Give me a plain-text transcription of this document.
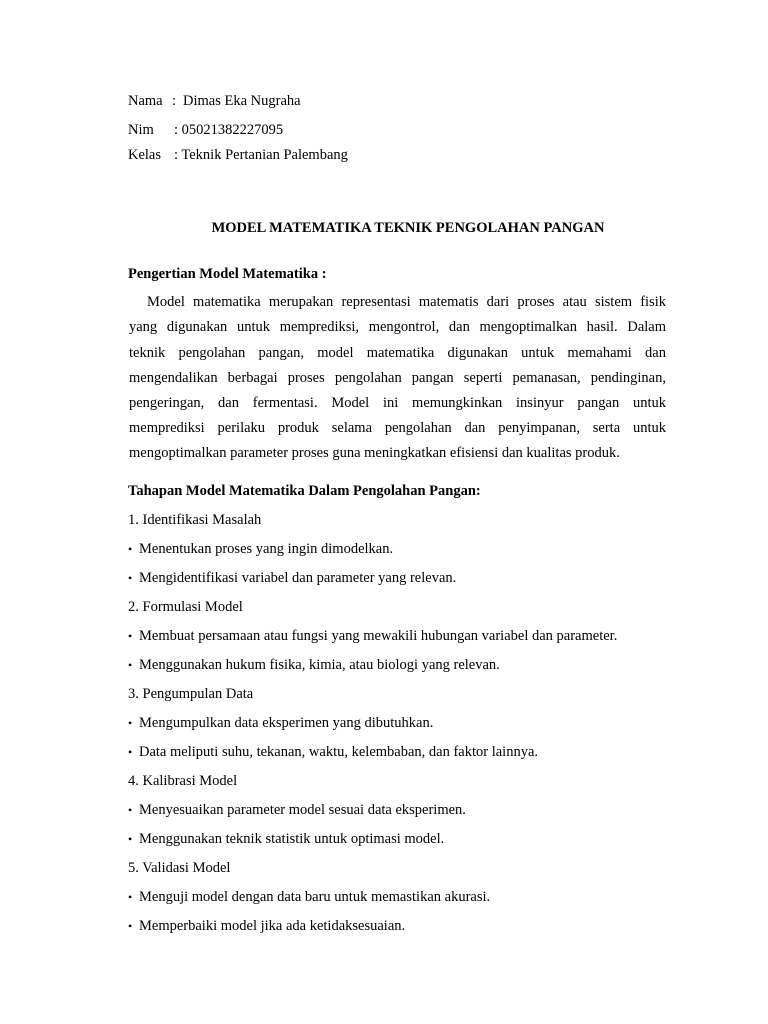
Nama : Dimas Eka Nugraha
Nim : 05021382227095
Kelas : Teknik Pertanian Palembang
MODEL MATEMATIKA TEKNIK PENGOLAHAN PANGAN
Pengertian Model Matematika :
Model matematika merupakan representasi matematis dari proses atau sistem fisik
yang digunakan untuk memprediksi, mengontrol, dan mengoptimalkan hasil. Dalam
teknik pengolahan pangan, model matematika digunakan untuk memahami dan
mengendalikan berbagai proses pengolahan pangan seperti pemanasan, pendinginan,
pengeringan, dan fermentasi. Model ini memungkinkan insinyur pangan untuk
memprediksi perilaku produk selama pengolahan dan penyimpanan, serta untuk
mengoptimalkan parameter proses guna meningkatkan efisiensi dan kualitas produk.
Tahapan Model Matematika Dalam Pengolahan Pangan:
1. Identifikasi Masalah
• Menentukan proses yang ingin dimodelkan.
• Mengidentifikasi variabel dan parameter yang relevan.
2. Formulasi Model
• Membuat persamaan atau fungsi yang mewakili hubungan variabel dan parameter.
• Menggunakan hukum fisika, kimia, atau biologi yang relevan.
3. Pengumpulan Data
• Mengumpulkan data eksperimen yang dibutuhkan.
• Data meliputi suhu, tekanan, waktu, kelembaban, dan faktor lainnya.
4. Kalibrasi Model
• Menyesuaikan parameter model sesuai data eksperimen.
• Menggunakan teknik statistik untuk optimasi model.
5. Validasi Model
• Menguji model dengan data baru untuk memastikan akurasi.
• Memperbaiki model jika ada ketidaksesuaian.
